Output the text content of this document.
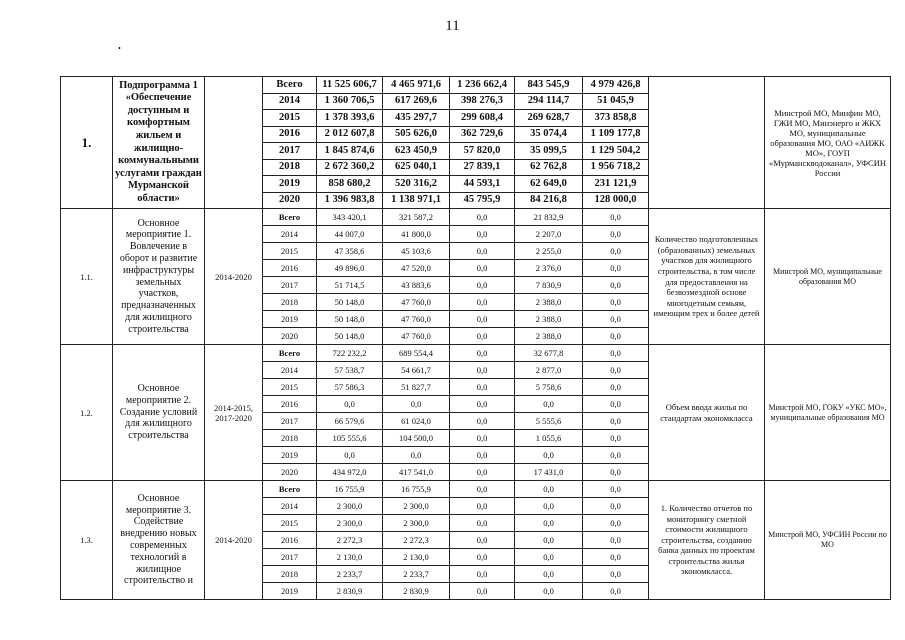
11
•
1.	Подпрограмма 1 «Обеспечение доступным и комфортным жильем и жилищно-коммунальными услугами граждан Мурманской области»		Всего	11 525 606,7	4 465 971,6	1 236 662,4	843 545,9	4 979 426,8		Минстрой МО, Минфин МО, ГЖИ МО, Минэнерго и ЖКХ МО, муниципальные образования МО, ОАО «АИЖК МО», ГОУП «Мурманскводоканал», УФСИН России
			2014	1 360 706,5	617 269,6	398 276,3	294 114,7	51 045,9		
			2015	1 378 393,6	435 297,7	299 608,4	269 628,7	373 858,8		
			2016	2 012 607,8	505 626,0	362 729,6	35 074,4	1 109 177,8		
			2017	1 845 874,6	623 450,9	57 820,0	35 099,5	1 129 504,2		
			2018	2 672 360,2	625 040,1	27 839,1	62 762,8	1 956 718,2		
			2019	858 680,2	520 316,2	44 593,1	62 649,0	231 121,9		
			2020	1 396 983,8	1 138 971,1	45 795,9	84 216,8	128 000,0		
1.1.	Основное мероприятие 1. Вовлечение в оборот и развитие инфраструктуры земельных участков, предназначенных для жилищного строительства	2014-2020	Всего	343 420,1	321 587,2	0,0	21 832,9	0,0	Количество подготовленных (образованных) земельных участков для жилищного строительства, в том числе для предоставления на безвозмездной основе многодетным семьям, имеющим трех и более детей	Минстрой МО, муниципальные образования МО
			2014	44 007,0	41 800,0	0,0	2 207,0	0,0		
			2015	47 358,6	45 103,6	0,0	2 255,0	0,0		
			2016	49 896,0	47 520,0	0,0	2 376,0	0,0		
			2017	51 714,5	43 883,6	0,0	7 830,9	0,0		
			2018	50 148,0	47 760,0	0,0	2 388,0	0,0		
			2019	50 148,0	47 760,0	0,0	2 388,0	0,0		
			2020	50 148,0	47 760,0	0,0	2 388,0	0,0		
1.2.	Основное мероприятие 2. Создание условий для жилищного строительства	2014-2015, 2017-2020	Всего	722 232,2	689 554,4	0,0	32 677,8	0,0	Объем ввода жилья по стандартам экономкласса	Минстрой МО, ГОКУ «УКС МО», муниципальные образования МО
			2014	57 538,7	54 661,7	0,0	2 877,0	0,0		
			2015	57 586,3	51 827,7	0,0	5 758,6	0,0		
			2016	0,0	0,0	0,0	0,0	0,0		
			2017	66 579,6	61 024,0	0,0	5 555,6	0,0		
			2018	105 555,6	104 500,0	0,0	1 055,6	0,0		
			2019	0,0	0,0	0,0	0,0	0,0		
			2020	434 972,0	417 541,0	0,0	17 431,0	0,0		
1.3.	Основное мероприятие 3. Содействие внедрению новых современных технологий в жилищное строительство и	2014-2020	Всего	16 755,9	16 755,9	0,0	0,0	0,0	1. Количество отчетов по мониторингу сметной стоимости жилищного строительства, созданию банка данных по проектам строительства жилья экономкласса.	Минстрой МО, УФСИН России по МО
			2014	2 300,0	2 300,0	0,0	0,0	0,0		
			2015	2 300,0	2 300,0	0,0	0,0	0,0		
			2016	2 272,3	2 272,3	0,0	0,0	0,0		
			2017	2 130,0	2 130,0	0,0	0,0	0,0		
			2018	2 233,7	2 233,7	0,0	0,0	0,0		
			2019	2 830,9	2 830,9	0,0	0,0	0,0		
